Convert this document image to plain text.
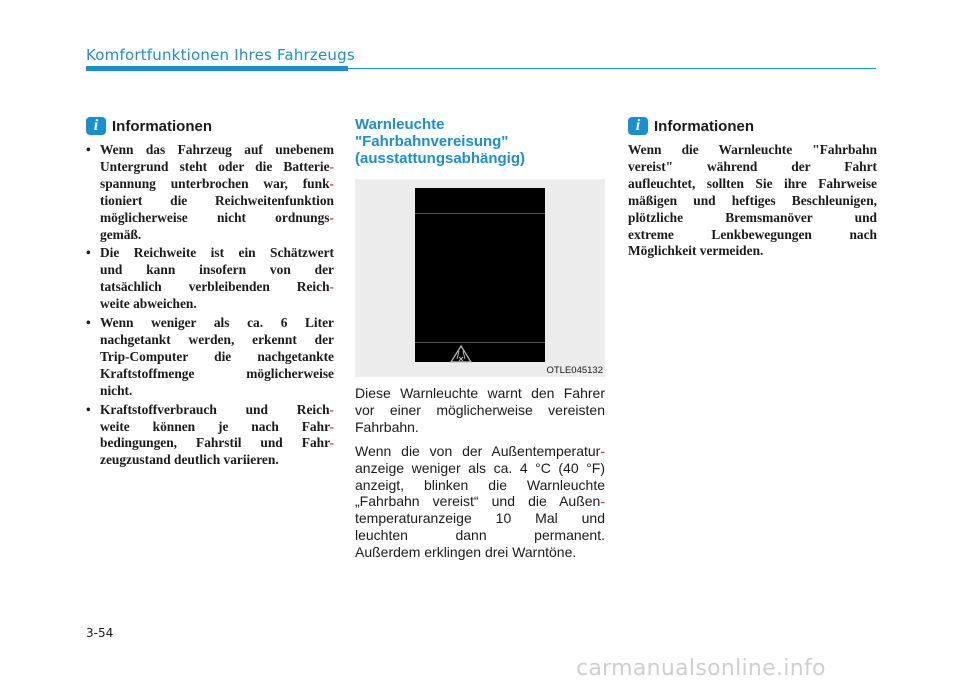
Komfortfunktionen Ihres Fahrzeugs
i Informationen
• Wenn das Fahrzeug auf unebenem
Untergrund steht oder die Batterie-
spannung unterbrochen war, funk-
tioniert die Reichweitenfunktion
möglicherweise nicht ordnungs-
gemäß.
• Die Reichweite ist ein Schätzwert
und kann insofern von der
tatsächlich verbleibenden Reich-
weite abweichen.
• Wenn weniger als ca. 6 Liter
nachgetankt werden, erkennt der
Trip-Computer die nachgetankte
Kraftstoffmenge möglicherweise
nicht.
• Kraftstoffverbrauch und Reich-
weite können je nach Fahr-
bedingungen, Fahrstil und Fahr-
zeugzustand deutlich variieren.
Warnleuchte
"Fahrbahnvereisung"
(ausstattungsabhängig)
OTLE045132
Diese Warnleuchte warnt den Fahrer
vor einer möglicherweise vereisten
Fahrbahn.
Wenn die von der Außentemperatur-
anzeige weniger als ca. 4 °C (40 °F)
anzeigt, blinken die Warnleuchte
„Fahrbahn vereist“ und die Außen-
temperaturanzeige 10 Mal und
leuchten dann permanent.
Außerdem erklingen drei Warntöne.
i Informationen
Wenn die Warnleuchte "Fahrbahn
vereist" während der Fahrt
aufleuchtet, sollten Sie ihre Fahrweise
mäßigen und heftiges Beschleunigen,
plötzliche Bremsmanöver und
extreme Lenkbewegungen nach
Möglichkeit vermeiden.
3-54
carmanualsonline.info
